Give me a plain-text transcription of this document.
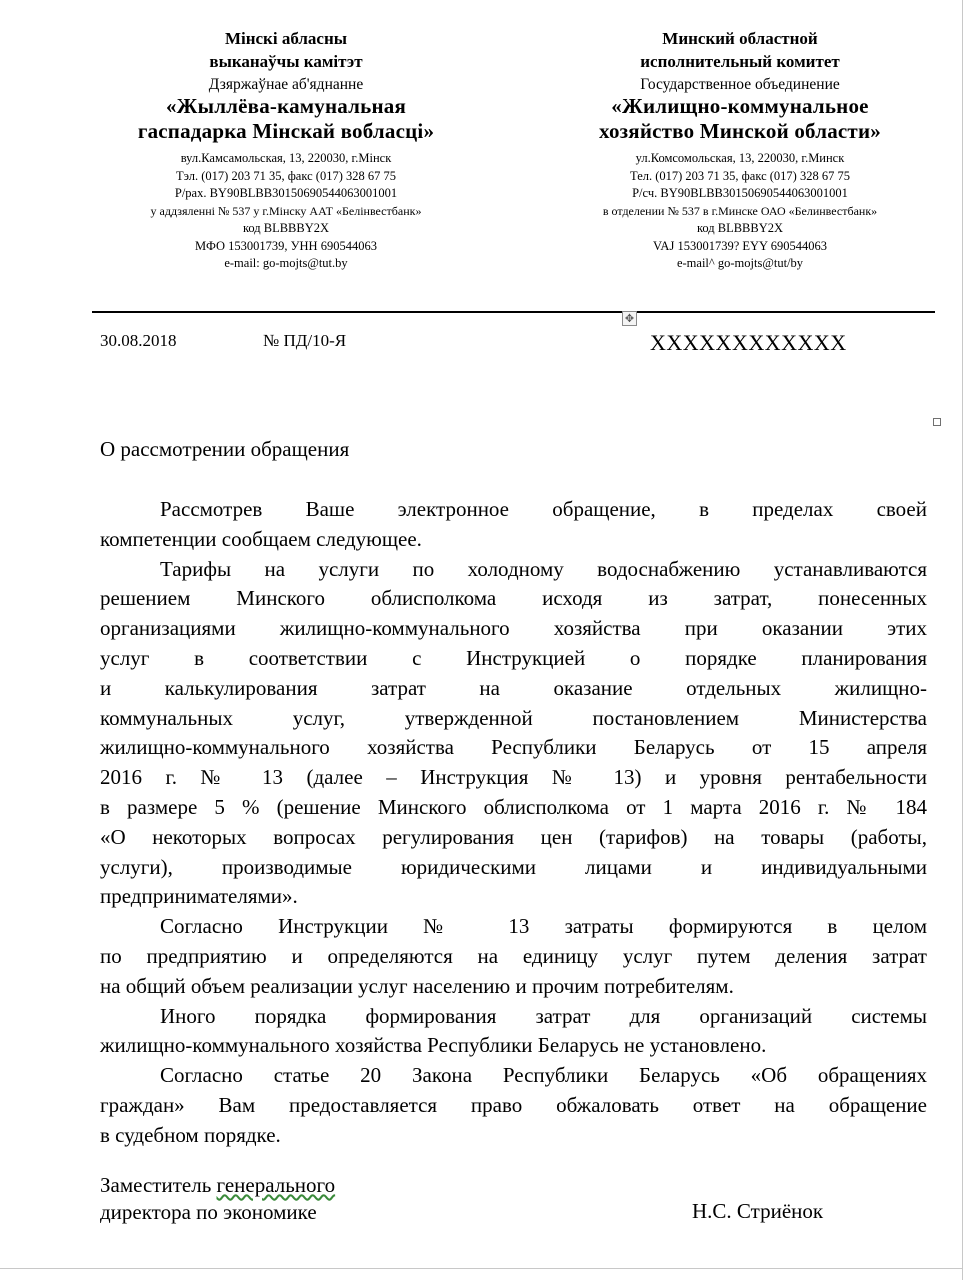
Мінскі абласны
выканаўчы камітэт
Дзяржаўнае аб'яднанне
«Жыллёва-камунальная
гаспадарка Мінскай вобласці»
вул.Камсамольская, 13, 220030, г.Мінск
Тэл. (017) 203 71 35, факс (017) 328 67 75
Р/рах. BY90BLBB30150690544063001001
у аддзяленні № 537 у г.Мінску ААТ «Белінвестбанк»
код BLBBBY2X
МФО 153001739, УНН 690544063
e-mail: go-mojts@tut.by
Минский областной
исполнительный комитет
Государственное объединение
«Жилищно-коммунальное
хозяйство Минской области»
ул.Комсомольская, 13, 220030, г.Минск
Тел. (017) 203 71 35, факс (017) 328 67 75
Р/сч. BY90BLBB30150690544063001001
в отделении № 537 в г.Минске ОАО «Белинвестбанк»
код BLBBBY2X
VAJ 153001739? EYY 690544063
e-mail^ go-mojts@tut/by
✥
30.08.2018	№ ПД/10-Я	XXXXXXXXXXXX
О рассмотрении обращения

Рассмотрев Ваше электронное обращение, в пределах своей

компетенции сообщаем следующее.

Тарифы на услуги по холодному водоснабжению устанавливаются

решением Минского облисполкома исходя из затрат, понесенных

организациями жилищно-коммунального хозяйства при оказании этих

услуг в соответствии с Инструкцией о порядке планирования

и калькулирования затрат на оказание отдельных жилищно-

коммунальных услуг, утвержденной постановлением Министерства

жилищно-коммунального хозяйства Республики Беларусь от 15 апреля

2016 г. № 13 (далее – Инструкция № 13) и уровня рентабельности

в размере 5 % (решение Минского облисполкома от 1 марта 2016 г. № 184

«О некоторых вопросах регулирования цен (тарифов) на товары (работы,

услуги), производимые юридическими лицами и индивидуальными

предпринимателями».

Согласно Инструкции № 13 затраты формируются в целом

по предприятию и определяются на единицу услуг путем деления затрат

на общий объем реализации услуг населению и прочим потребителям.

Иного порядка формирования затрат для организаций системы

жилищно-коммунального хозяйства Республики Беларусь не установлено.

Согласно статье 20 Закона Республики Беларусь «Об обращениях

граждан» Вам предоставляется право обжаловать ответ на обращение

в судебном порядке.

Заместитель генерального
директора по экономике	Н.С. Стриёнок
